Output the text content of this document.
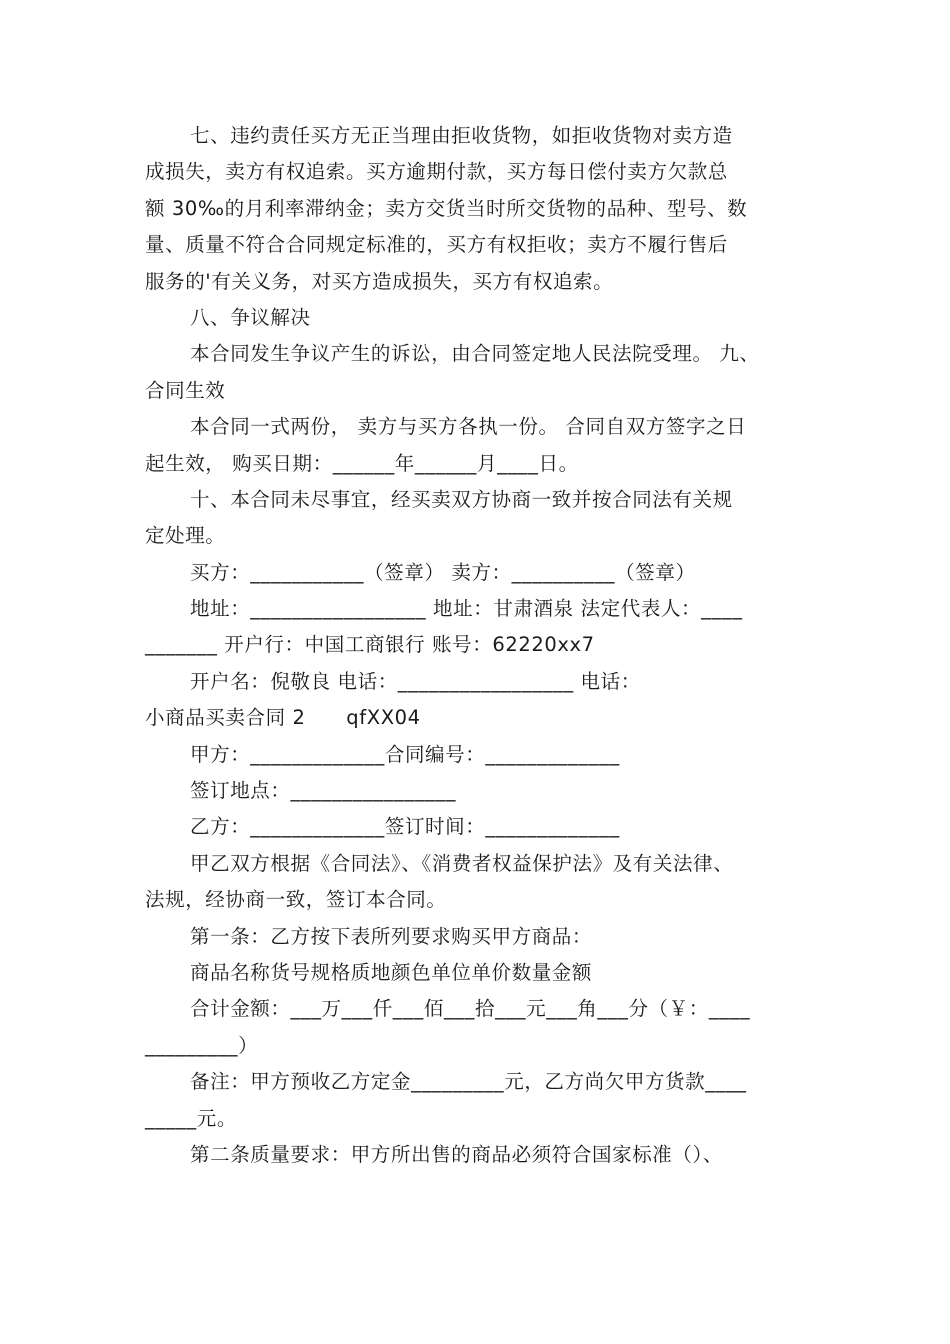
七、违约责任买方无正当理由拒收货物，如拒收货物对卖方造
成损失，卖方有权追索。买方逾期付款，买方每日偿付卖方欠款总
额 30‰的月利率滞纳金；卖方交货当时所交货物的品种、型号、数
量、质量不符合合同规定标准的，买方有权拒收；卖方不履行售后
服务的'有关义务，对买方造成损失，买方有权追索。
八、争议解决
本合同发生争议产生的诉讼，由合同签定地人民法院受理。 九、
合同生效
本合同一式两份， 卖方与买方各执一份。 合同自双方签字之日
起生效， 购买日期：______年______月____日。
十、本合同未尽事宜，经买卖双方协商一致并按合同法有关规
定处理。
买方：___________（签章） 卖方：__________（签章）
地址：_________________ 地址：甘肃酒泉 法定代表人：____
_______ 开户行：中国工商银行 账号：62220xx7
开户名：倪敬良 电话：_________________ 电话：
小商品买卖合同 2      qfXX04
甲方：_____________合同编号：_____________
签订地点：________________
乙方：_____________签订时间：_____________
甲乙双方根据《合同法》、《消费者权益保护法》及有关法律、
法规，经协商一致，签订本合同。
第一条：乙方按下表所列要求购买甲方商品：
商品名称货号规格质地颜色单位单价数量金额
合计金额：___万___仟___佰___拾___元___角___分（￥：____
_________）
备注：甲方预收乙方定金_________元，乙方尚欠甲方货款____
_____元。
第二条质量要求：甲方所出售的商品必须符合国家标准（）、
